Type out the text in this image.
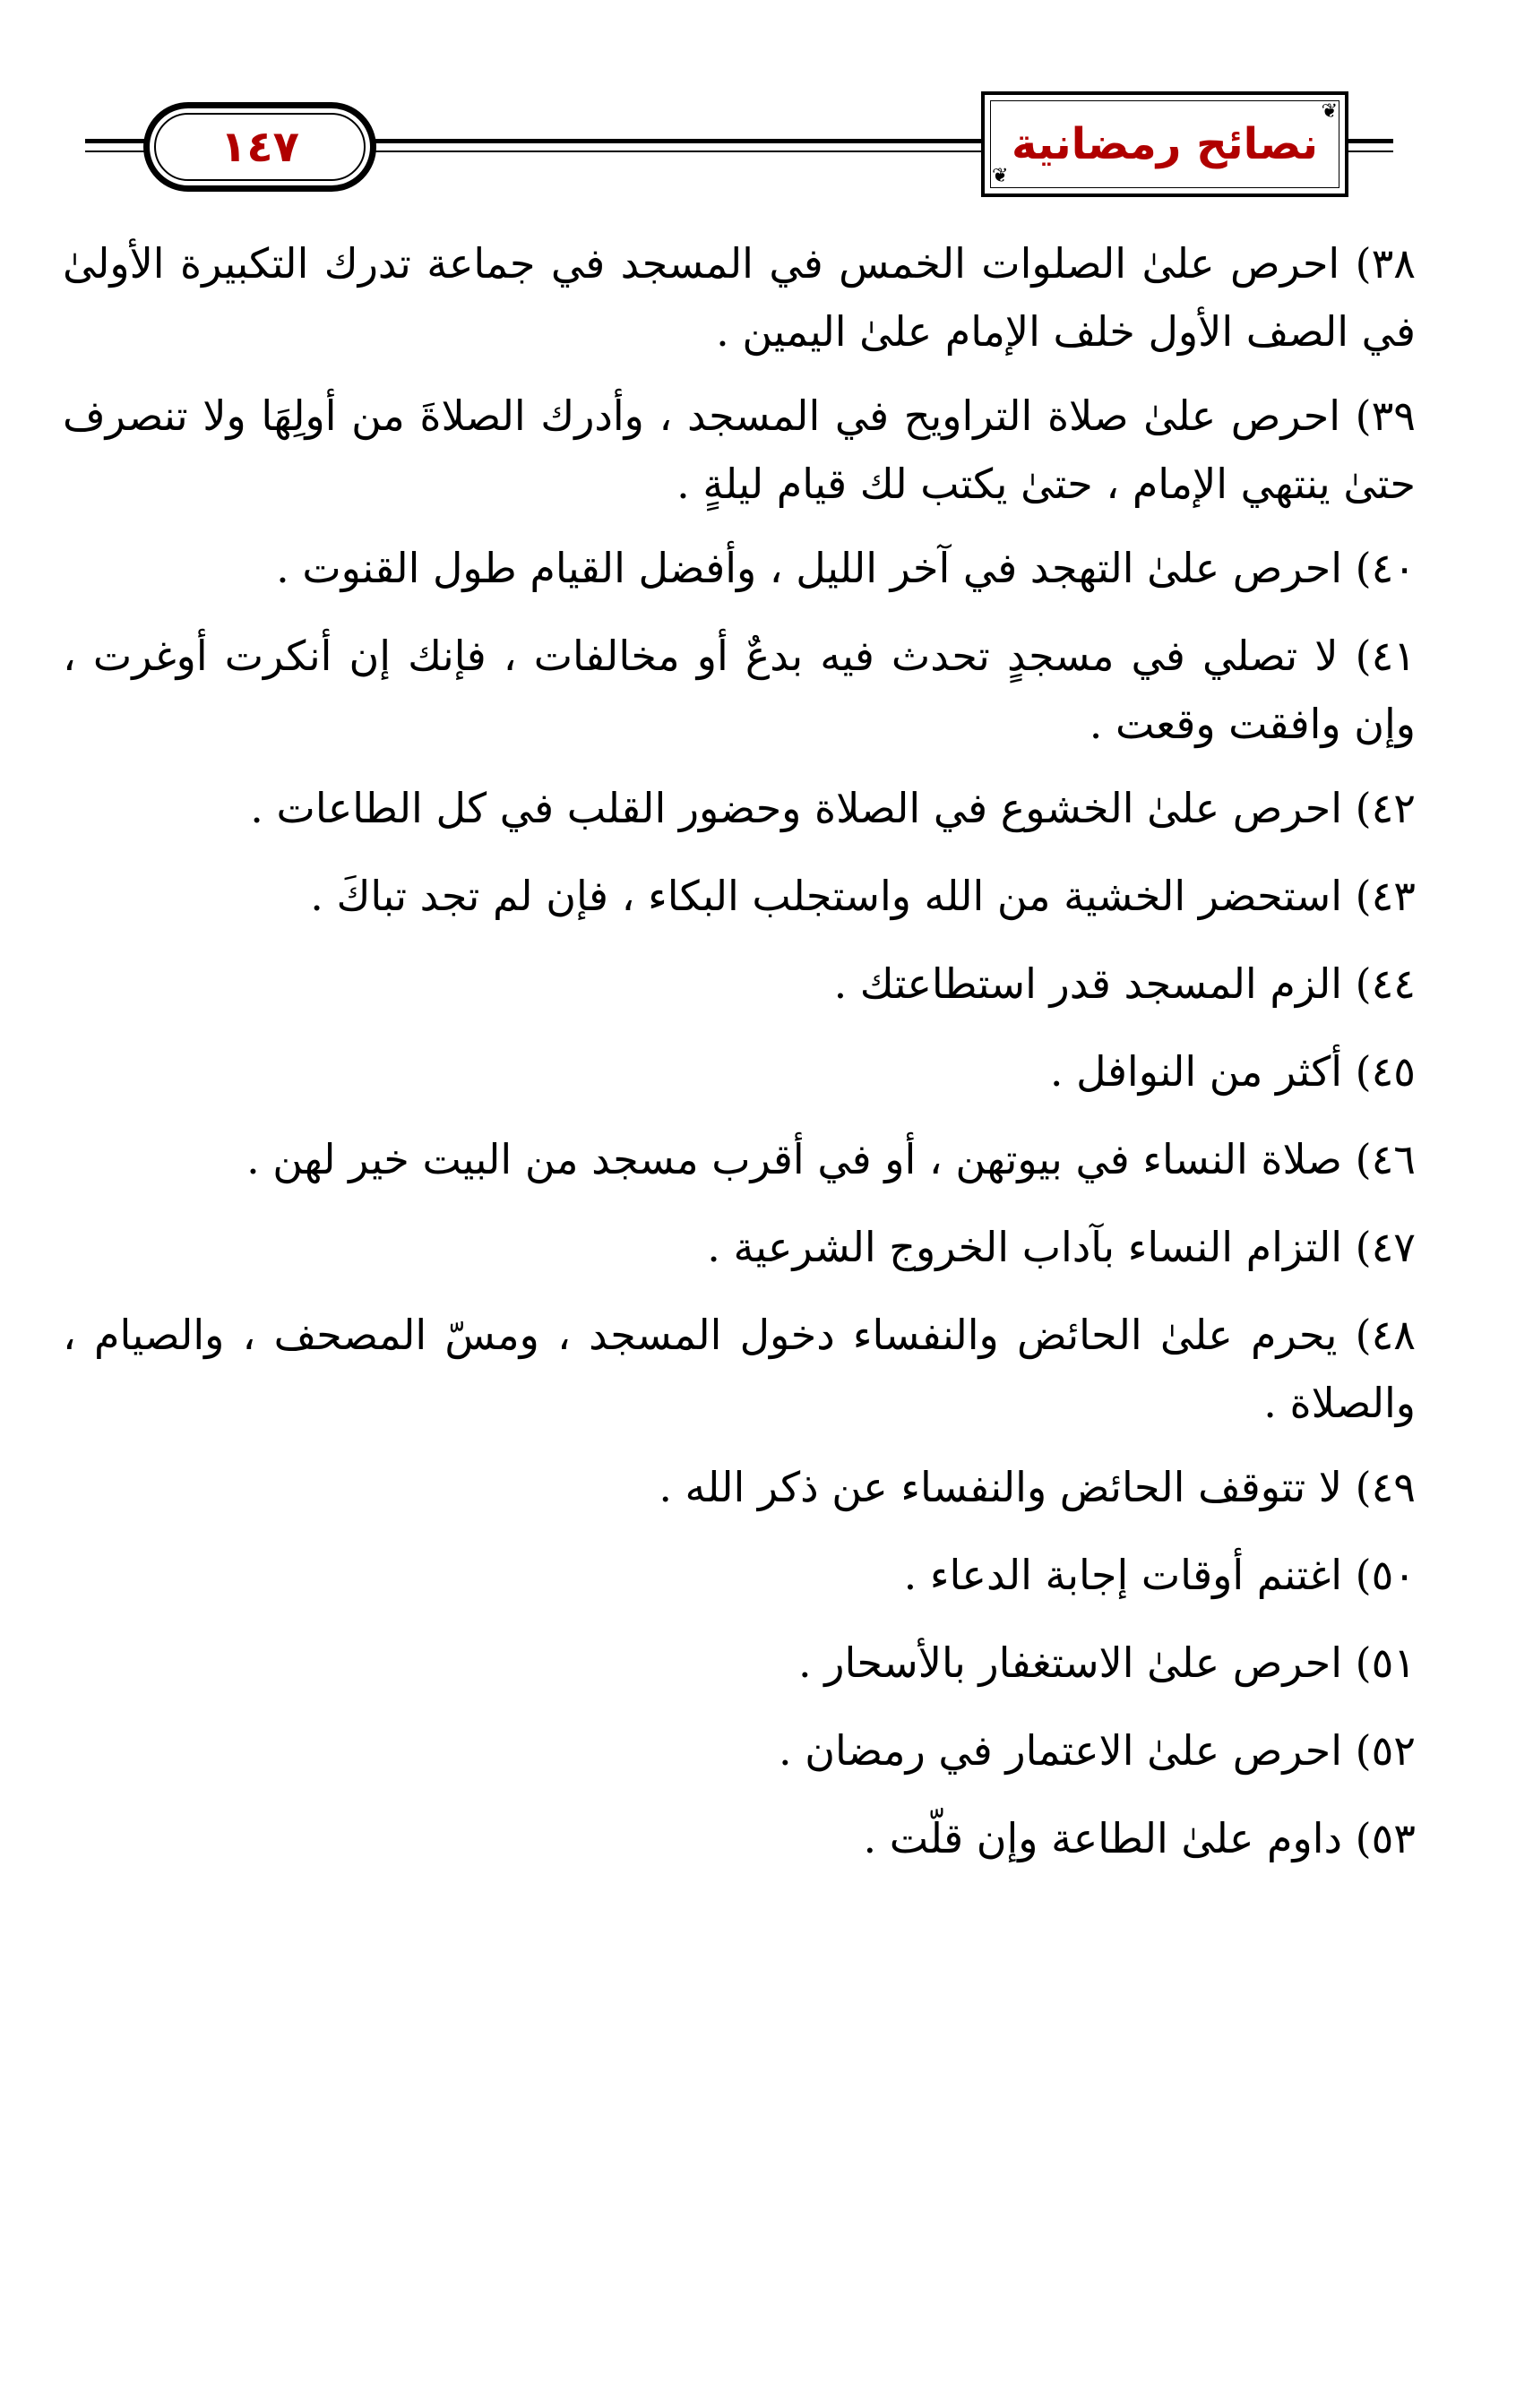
١٤٧
❦
❦
نصائح رمضانية

٣٨) احرص علىٰ الصلوات الخمس في المسجد في جماعة تدرك التكبيرة الأولىٰ في الصف الأول خلف الإمام علىٰ اليمين .

٣٩) احرص علىٰ صلاة التراويح في المسجد ، وأدرك الصلاةَ من أولِهَا ولا تنصرف حتىٰ ينتهي الإمام ، حتىٰ يكتب لك قيام ليلةٍ .

٤٠) احرص علىٰ التهجد في آخر الليل ، وأفضل القيام طول القنوت .

٤١) لا تصلي في مسجدٍ تحدث فيه بدعٌ أو مخالفات ، فإنك إن أنكرت أوغرت ، وإن وافقت وقعت .

٤٢) احرص علىٰ الخشوع في الصلاة وحضور القلب في كل الطاعات .

٤٣) استحضر الخشية من الله واستجلب البكاء ، فإن لم تجد تباكَ .

٤٤) الزم المسجد قدر استطاعتك .

٤٥) أكثر من النوافل .

٤٦) صلاة النساء في بيوتهن ، أو في أقرب مسجد من البيت خير لهن .

٤٧) التزام النساء بآداب الخروج الشرعية .

٤٨) يحرم علىٰ الحائض والنفساء دخول المسجد ، ومسّ المصحف ، والصيام ، والصلاة .

٤٩) لا تتوقف الحائض والنفساء عن ذكر الله .

٥٠) اغتنم أوقات إجابة الدعاء .

٥١) احرص علىٰ الاستغفار بالأسحار .

٥٢) احرص علىٰ الاعتمار في رمضان .

٥٣) داوم علىٰ الطاعة وإن قلّت .
